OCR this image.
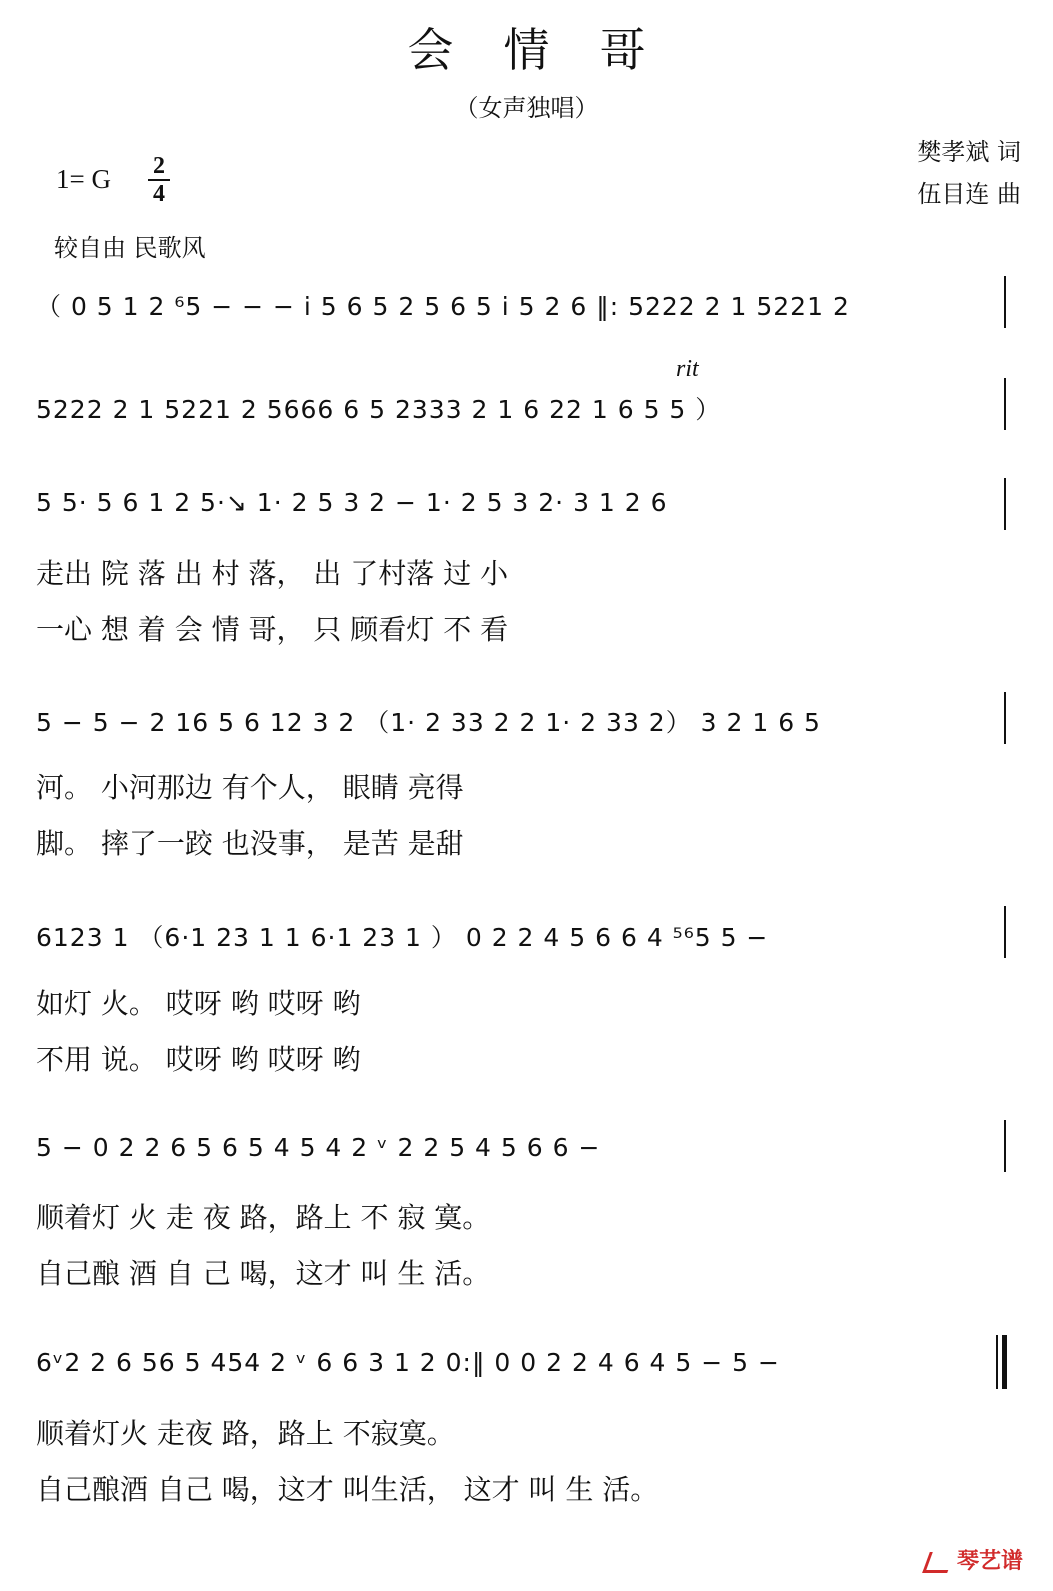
会情哥
（女声独唱）
樊孝斌 词
伍目连 曲
1= G 2
4
较自由 民歌风
（ 0 5 1 2 ⁶5 − − − i 5 6 5 2 5 6 5 i 5 2 6 ‖: 5222 2 1 5221 2
rit
5222 2 1 5221 2 5666 6 5 2333 2 1 6 22 1 6 5 5 ）
5 5· 5 6 1 2 5·↘ 1· 2 5 3 2 − 1· 2 5 3 2· 3 1 2 6
走出 院 落 出 村 落， 出 了村落 过 小
一心 想 着 会 情 哥， 只 顾看灯 不 看
5 − 5 − 2 16 5 6 12 3 2 （1· 2 33 2 2 1· 2 33 2） 3 2 1 6 5
河。 小河那边 有个人， 眼睛 亮得
脚。 摔了一跤 也没事， 是苦 是甜
6123 1 （6·1 23 1 1 6·1 23 1 ） 0 2 2 4 5 6 6 4 ⁵⁶5 5 −
如灯 火。 哎呀 哟 哎呀 哟
不用 说。 哎呀 哟 哎呀 哟
5 − 0 2 2 6 5 6 5 4 5 4 2 ᵛ 2 2 5 4 5 6 6 −
顺着灯 火 走 夜 路，路上 不 寂 寞。
自己酿 酒 自 己 喝，这才 叫 生 活。
6ᵛ2 2 6 56 5 454 2 ᵛ 6 6 3 1 2 0:‖ 0 0 2 2 4 6 4 5 − 5 −
顺着灯火 走夜 路，路上 不寂寞。
自己酿酒 自己 喝，这才 叫生活， 这才 叫 生 活。
琴艺谱
